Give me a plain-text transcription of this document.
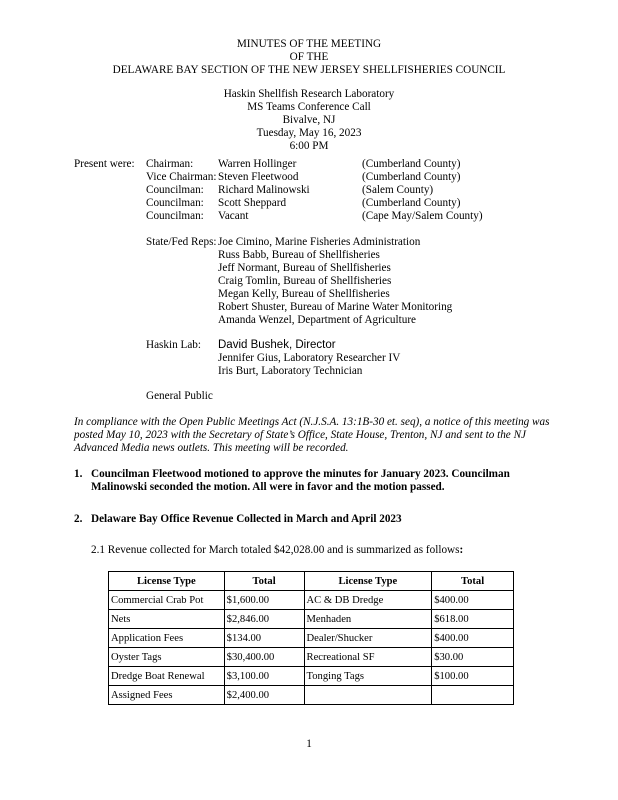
MINUTES OF THE MEETING
OF THE
DELAWARE BAY SECTION OF THE NEW JERSEY SHELLFISHERIES COUNCIL
Haskin Shellfish Research Laboratory
MS Teams Conference Call
Bivalve, NJ
Tuesday, May 16, 2023
6:00 PM
Present were: Chairman: Warren Hollinger	(Cumberland County)
Vice Chairman: Steven Fleetwood	(Cumberland County)
Councilman: Richard Malinowski	(Salem County)
Councilman: Scott Sheppard	(Cumberland County)
Councilman: Vacant	(Cape May/Salem County)
State/Fed Reps: Joe Cimino, Marine Fisheries Administration
Russ Babb, Bureau of Shellfisheries
Jeff Normant, Bureau of Shellfisheries
Craig Tomlin, Bureau of Shellfisheries
Megan Kelly, Bureau of Shellfisheries
Robert Shuster, Bureau of Marine Water Monitoring
Amanda Wenzel, Department of Agriculture
Haskin Lab: David Bushek, Director
Jennifer Gius, Laboratory Researcher IV
Iris Burt, Laboratory Technician
General Public
In compliance with the Open Public Meetings Act (N.J.S.A. 13:1B-30 et. seq), a notice of this meeting was
posted May 10, 2023 with the Secretary of State’s Office, State House, Trenton, NJ and sent to the NJ
Advanced Media news outlets. This meeting will be recorded.
1. Councilman Fleetwood motioned to approve the minutes for January 2023. Councilman
Malinowski seconded the motion. All were in favor and the motion passed.
2. Delaware Bay Office Revenue Collected in March and April 2023
2.1 Revenue collected for March totaled $42,028.00 and is summarized as follows:
License Type	Total	License Type	Total
Commercial Crab Pot	$1,600.00	AC & DB Dredge	$400.00
Nets	$2,846.00	Menhaden	$618.00
Application Fees	$134.00	Dealer/Shucker	$400.00
Oyster Tags	$30,400.00	Recreational SF	$30.00
Dredge Boat Renewal	$3,100.00	Tonging Tags	$100.00
Assigned Fees	$2,400.00		
1
